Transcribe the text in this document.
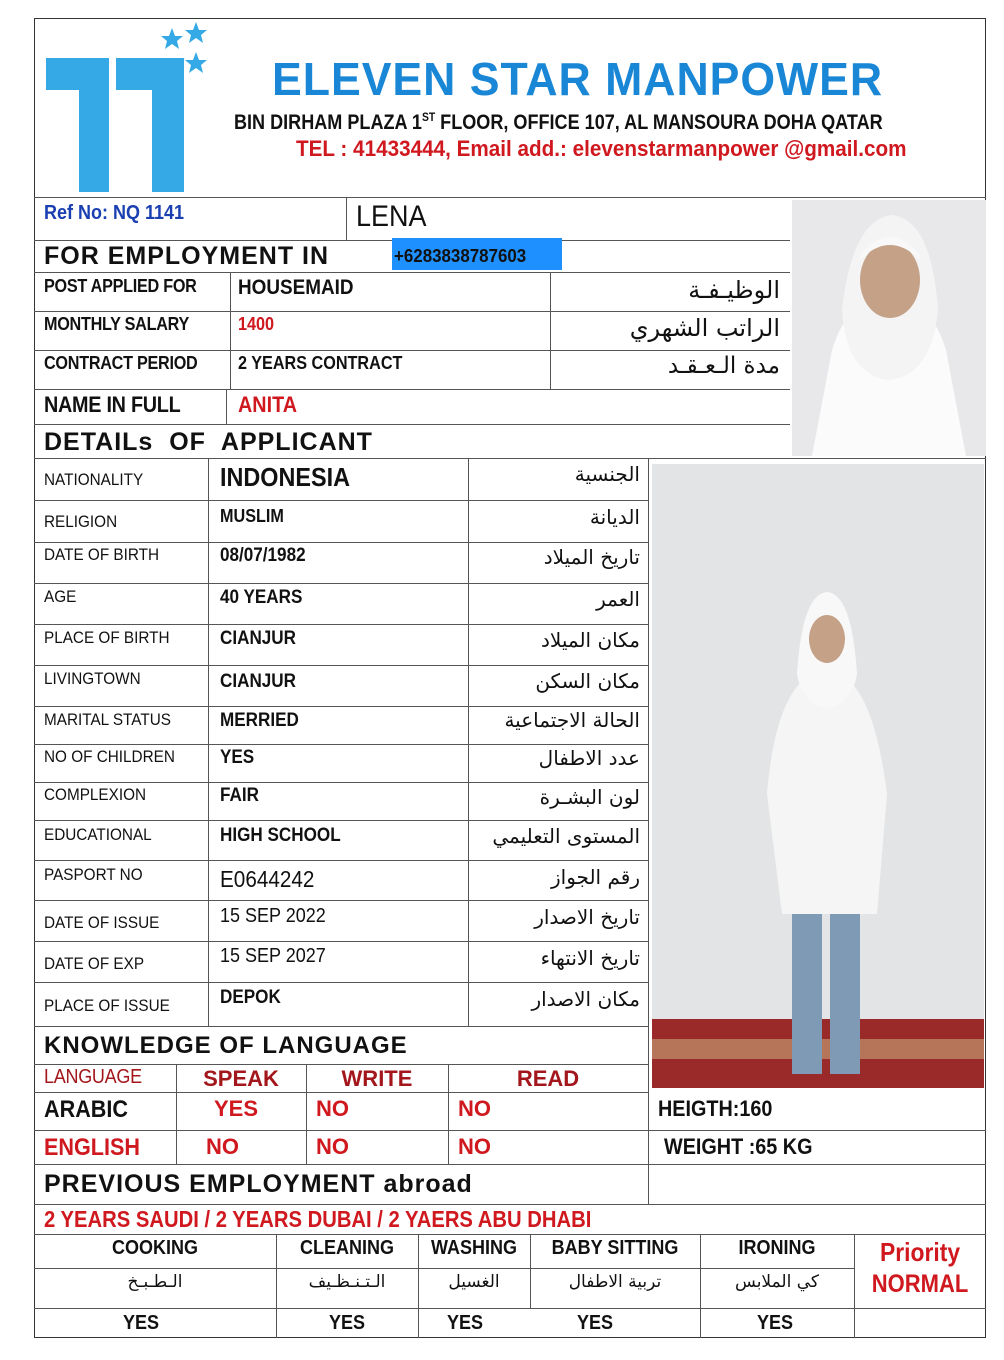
ELEVEN STAR MANPOWER
BIN DIRHAM PLAZA 1ST FLOOR, OFFICE 107, AL MANSOURA DOHA QATAR
TEL : 41433444, Email add.: elevenstarmanpower @gmail.com
Ref No: NQ 1141	LENA
FOR EMPLOYMENT IN	+6283838787603
POST APPLIED FOR HOUSEMAID	الوظيـفـة
MONTHLY SALARY	1400	الراتب الشهري
CONTRACT PERIOD 2 YEARS CONTRACT	مدة الـعـقـد
NAME IN FULL	ANITA
DETAILs  OF  APPLICANT
NATIONALITY	INDONESIA	الجنسية
RELIGION	MUSLIM	الديانة
DATE OF BIRTH	08/07/1982	تاريخ الميلاد
AGE	40 YEARS	العمر
PLACE OF BIRTH	CIANJUR	مكان الميلاد
LIVINGTOWN	CIANJUR	مكان السكن
MARITAL STATUS	MERRIED	الحالة الاجتماعية
NO OF CHILDREN YES	عدد الاطفال
COMPLEXION	FAIR	لون البشـرة
EDUCATIONAL	HIGH SCHOOL	المستوى التعليمي
PASPORT NO	E0644242	رقم الجواز
DATE OF ISSUE	15 SEP 2022	تاريخ الاصدار
DATE OF EXP	15 SEP 2027	تاريخ الانتهاء
PLACE OF ISSUE	DEPOK	مكان الاصدار
KNOWLEDGE OF LANGUAGE
LANGUAGE	SPEAK	WRITE	READ
ARABIC	YES	NO	NO	HEIGTH:160
ENGLISH	NO	NO	NO	WEIGHT :65 KG
PREVIOUS EMPLOYMENT abroad
2 YEARS SAUDI / 2 YEARS DUBAI / 2 YAERS ABU DHABI
COOKING	CLEANING	WASHING	BABY SITTING	IRONING	Priority
الـطـبـخ	الـتـنـظـيف	الغسيل	تربية الاطفال	كي الملابس	NORMAL
YES	YES	YES	YES	YES
